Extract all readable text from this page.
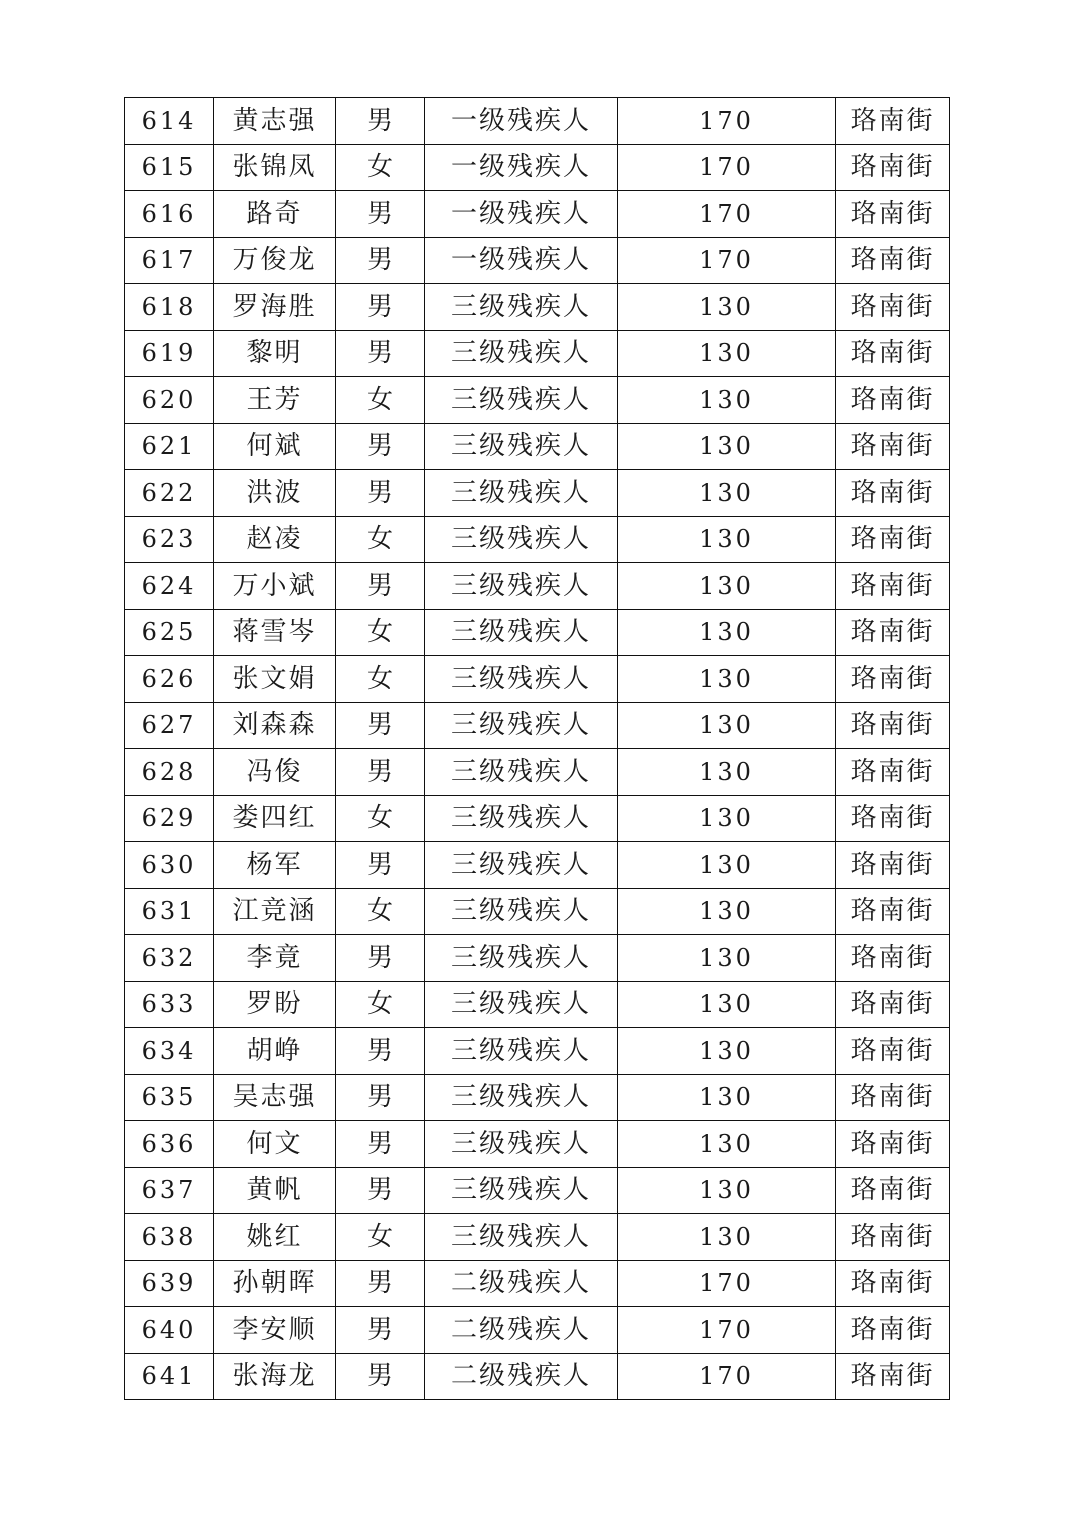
614	黄志强	男	一级残疾人	170	珞南街
615	张锦凤	女	一级残疾人	170	珞南街
616	路奇	男	一级残疾人	170	珞南街
617	万俊龙	男	一级残疾人	170	珞南街
618	罗海胜	男	三级残疾人	130	珞南街
619	黎明	男	三级残疾人	130	珞南街
620	王芳	女	三级残疾人	130	珞南街
621	何斌	男	三级残疾人	130	珞南街
622	洪波	男	三级残疾人	130	珞南街
623	赵凌	女	三级残疾人	130	珞南街
624	万小斌	男	三级残疾人	130	珞南街
625	蒋雪岑	女	三级残疾人	130	珞南街
626	张文娟	女	三级残疾人	130	珞南街
627	刘森森	男	三级残疾人	130	珞南街
628	冯俊	男	三级残疾人	130	珞南街
629	娄四红	女	三级残疾人	130	珞南街
630	杨军	男	三级残疾人	130	珞南街
631	江竞涵	女	三级残疾人	130	珞南街
632	李竟	男	三级残疾人	130	珞南街
633	罗盼	女	三级残疾人	130	珞南街
634	胡峥	男	三级残疾人	130	珞南街
635	吴志强	男	三级残疾人	130	珞南街
636	何文	男	三级残疾人	130	珞南街
637	黄帆	男	三级残疾人	130	珞南街
638	姚红	女	三级残疾人	130	珞南街
639	孙朝晖	男	二级残疾人	170	珞南街
640	李安顺	男	二级残疾人	170	珞南街
641	张海龙	男	二级残疾人	170	珞南街
